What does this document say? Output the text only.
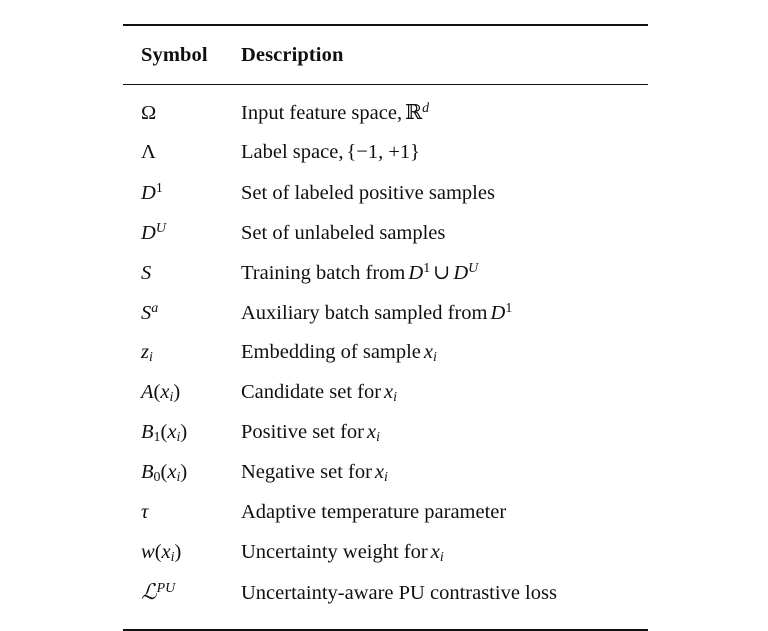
Symbol	Description
Ω	Input feature space, ℝ$^d$
Λ	Label space, {−1, +1}
$D^1$	Set of labeled positive samples
$D^U$	Set of unlabeled samples
S	Training batch from $D^1$ ∪ $D^U$
$S^a$	Auxiliary batch sampled from $D^1$
$z_i$	Embedding of sample $x_i$
$A(x_i)$	Candidate set for $x_i$
$B1(x_i)$	Positive set for $x_i$
$B0(x_i)$	Negative set for $x_i$
τ	Adaptive temperature parameter
$w(x_i)$	Uncertainty weight for $x_i$
ℒ$^{PU}$	Uncertainty-aware PU contrastive loss
